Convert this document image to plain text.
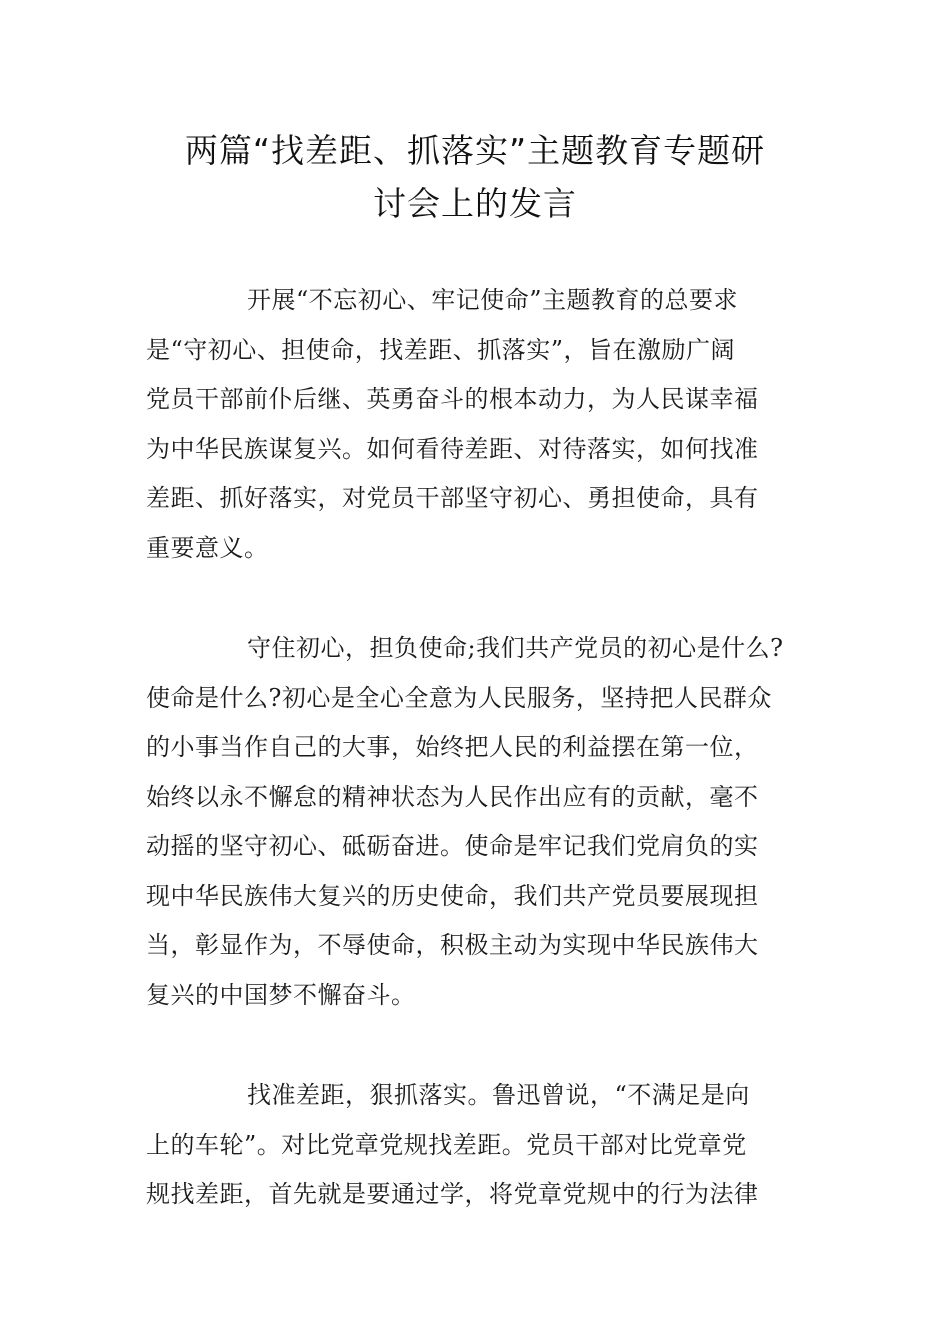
两篇“找差距、抓落实”主题教育专题研
讨会上的发言

开展“不忘初心、牢记使命”主题教育的总要求
是“守初心、担使命，找差距、抓落实”，旨在激励广阔
党员干部前仆后继、英勇奋斗的根本动力，为人民谋幸福
为中华民族谋复兴。如何看待差距、对待落实，如何找准
差距、抓好落实，对党员干部坚守初心、勇担使命，具有
重要意义。

守住初心，担负使命;我们共产党员的初心是什么?
使命是什么?初心是全心全意为人民服务，坚持把人民群众
的小事当作自己的大事，始终把人民的利益摆在第一位，
始终以永不懈怠的精神状态为人民作出应有的贡献，毫不
动摇的坚守初心、砥砺奋进。使命是牢记我们党肩负的实
现中华民族伟大复兴的历史使命，我们共产党员要展现担
当，彰显作为，不辱使命，积极主动为实现中华民族伟大
复兴的中国梦不懈奋斗。

找准差距，狠抓落实。鲁迅曾说，“不满足是向
上的车轮”。对比党章党规找差距。党员干部对比党章党
规找差距，首先就是要通过学，将党章党规中的行为法律
